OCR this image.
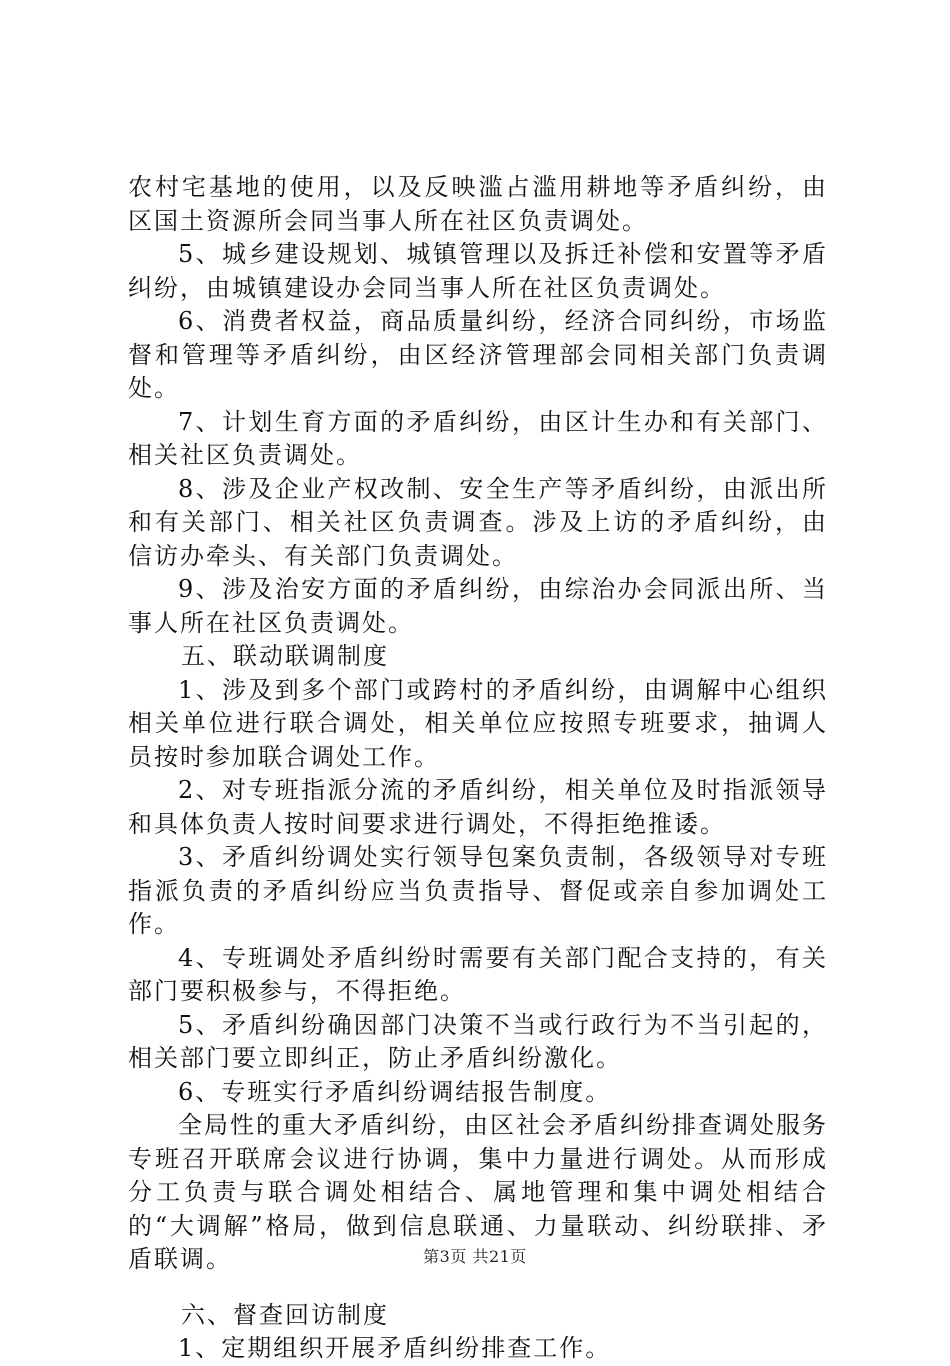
农村宅基地的使用，以及反映滥占滥用耕地等矛盾纠纷，由区国土资源所会同当事人所在社区负责调处。

5、城乡建设规划、城镇管理以及拆迁补偿和安置等矛盾纠纷，由城镇建设办会同当事人所在社区负责调处。

6、消费者权益，商品质量纠纷，经济合同纠纷，市场监督和管理等矛盾纠纷，由区经济管理部会同相关部门负责调处。

7、计划生育方面的矛盾纠纷，由区计生办和有关部门、相关社区负责调处。

8、涉及企业产权改制、安全生产等矛盾纠纷，由派出所和有关部门、相关社区负责调查。涉及上访的矛盾纠纷，由信访办牵头、有关部门负责调处。

9、涉及治安方面的矛盾纠纷，由综治办会同派出所、当事人所在社区负责调处。

五、联动联调制度

1、涉及到多个部门或跨村的矛盾纠纷，由调解中心组织相关单位进行联合调处，相关单位应按照专班要求，抽调人员按时参加联合调处工作。

2、对专班指派分流的矛盾纠纷，相关单位及时指派领导和具体负责人按时间要求进行调处，不得拒绝推诿。

3、矛盾纠纷调处实行领导包案负责制，各级领导对专班指派负责的矛盾纠纷应当负责指导、督促或亲自参加调处工作。

4、专班调处矛盾纠纷时需要有关部门配合支持的，有关部门要积极参与，不得拒绝。

5、矛盾纠纷确因部门决策不当或行政行为不当引起的，相关部门要立即纠正，防止矛盾纠纷激化。

6、专班实行矛盾纠纷调结报告制度。

全局性的重大矛盾纠纷，由区社会矛盾纠纷排查调处服务专班召开联席会议进行协调，集中力量进行调处。从而形成分工负责与联合调处相结合、属地管理和集中调处相结合的“大调解”格局，做到信息联通、力量联动、纠纷联排、矛盾联调。

六、督查回访制度

1、定期组织开展矛盾纠纷排查工作。

第3页 共21页
